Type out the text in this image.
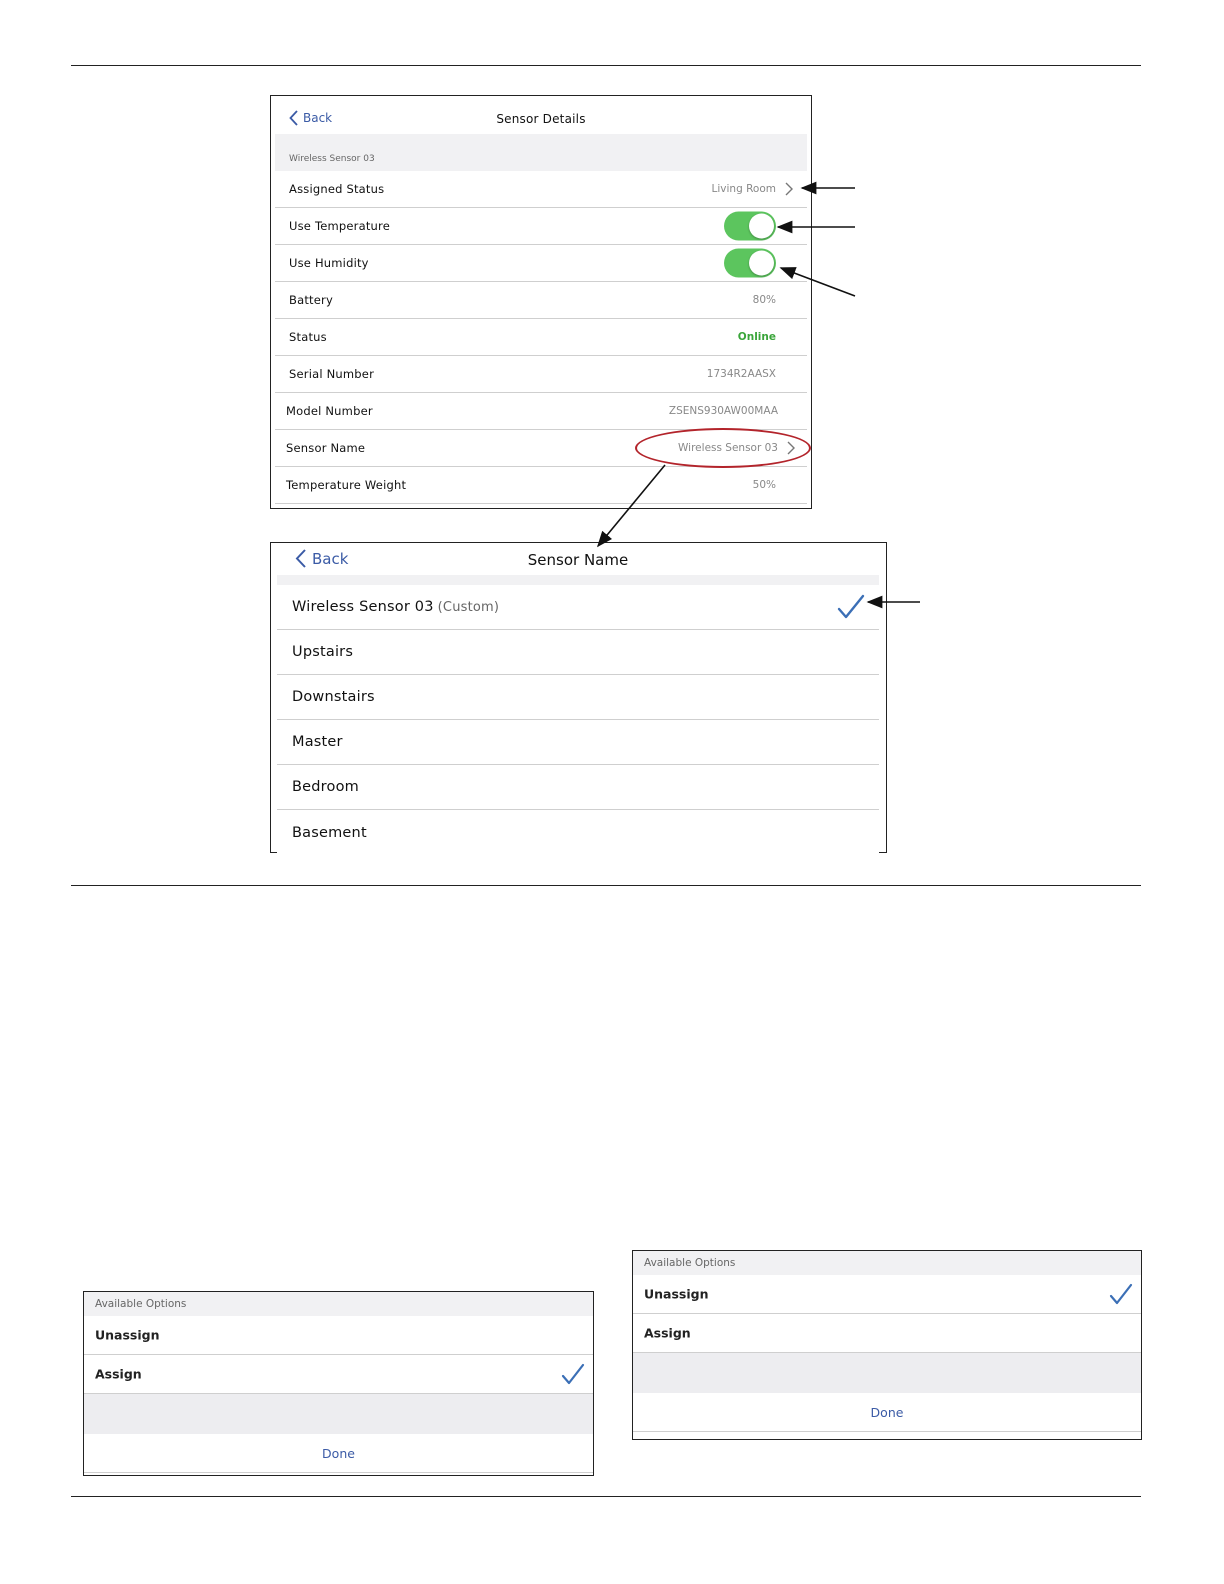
Back	Sensor Details
Wireless Sensor 03
Assigned Status	Living Room
Use Temperature
Use Humidity
Battery	80%
Status	Online
Serial Number	1734R2AASX
Model Number	ZSENS930AW00MAA
Sensor Name	Wireless Sensor 03
Temperature Weight	50%
Back	Sensor Name
Wireless Sensor 03 (Custom)
Upstairs
Downstairs
Master
Bedroom
Basement
Available Options
Unassign
Assign
Done
Available Options
Unassign
Assign
Done
